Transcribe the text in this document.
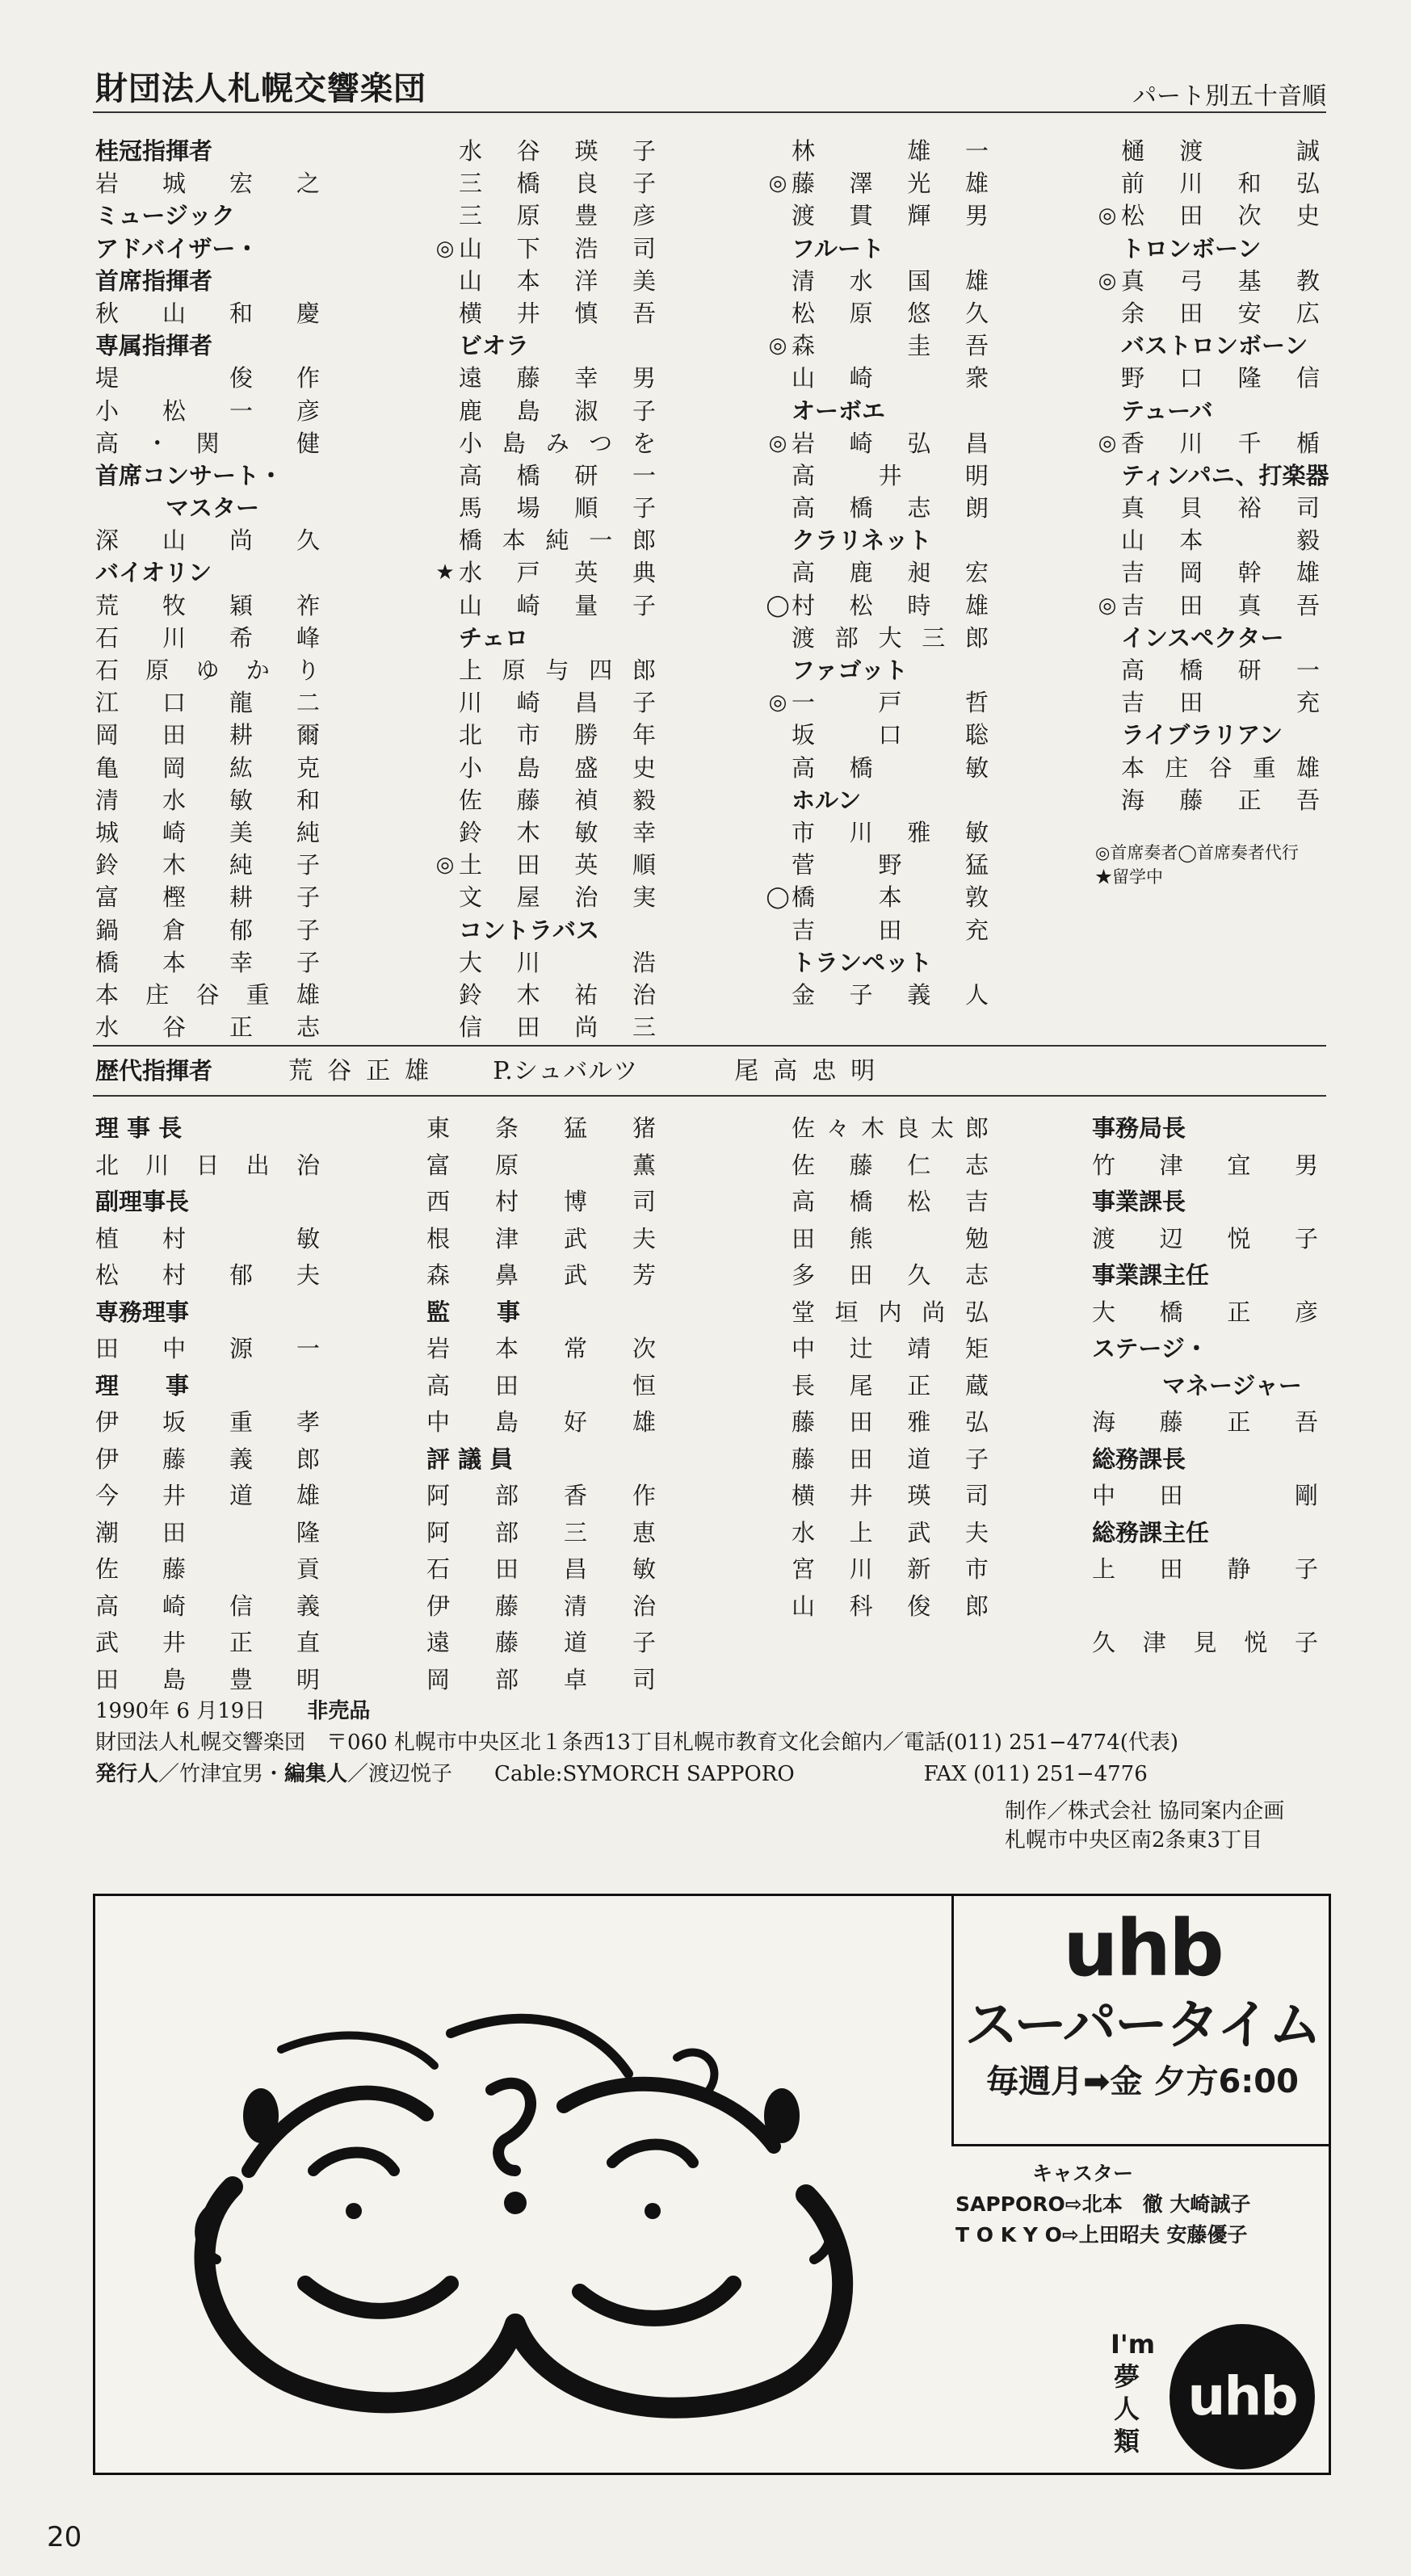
財団法人札幌交響楽団	パート別五十音順
桂冠指揮者
岩城宏之
ミュージック
アドバイザー・
首席指揮者
秋山和慶
専属指揮者
堤　俊作
小松一彦
高・関　健
首席コンサート・
　　　マスター
深山尚久
バイオリン
荒牧穎祚
石川希峰
石原ゆかり
江口龍二
岡田耕爾
亀岡紘克
清水敏和
城崎美純
鈴木純子
富樫耕子
鍋倉郁子
橋本幸子
本庄谷重雄
水谷正志
水谷瑛子
三橋良子
三原豊彦
◎ 山下浩司
山本洋美
横井慎吾
ビオラ
遠藤幸男
鹿島淑子
小島みつを
高橋研一
馬場順子
橋本純一郎
★ 水戸英典
山崎量子
チェロ
上原与四郎
川崎昌子
北市勝年
小島盛史
佐藤禎毅
鈴木敏幸
◎ 土田英順
文屋治実
コントラバス
大川　浩
鈴木祐治
信田尚三
林　雄一
◎ 藤澤光雄
渡貫輝男
フルート
清水国雄
松原悠久
◎ 森　圭吾
山崎　衆
オーボエ
◎ 岩崎弘昌
高井明
高橋志朗
クラリネット
高鹿昶宏
◯ 村松時雄
渡部大三郎
ファゴット
◎ 一戸哲
坂口聡
高橋　敏
ホルン
市川雅敏
菅野猛
◯ 橋本敦
吉田充
トランペット
金子義人
樋渡　誠
前川和弘
◎ 松田次史
トロンボーン
◎ 真弓基教
余田安広
バストロンボーン
野口隆信
テューバ
◎ 香川千楯
ティンパニ、打楽器
真貝裕司
山本　毅
吉岡幹雄
◎ 吉田真吾
インスペクター
高橋研一
吉田　充
ライブラリアン
本庄谷重雄
海藤正吾
◎首席奏者◯首席奏者代行
★留学中
歴代指揮者	荒谷正雄 P.シュバルツ	尾高忠明
理 事 長
北川日出治
副理事長
植村　敏
松村郁夫
専務理事
田中源一
理　　事
伊坂重孝
伊藤義郎
今井道雄
潮田　隆
佐藤　貢
高崎信義
武井正直
田島豊明
東条猛猪
富原　薫
西村博司
根津武夫
森鼻武芳
監　　事
岩本常次
高田　恒
中島好雄
評 議 員
阿部香作
阿部三恵
石田昌敏
伊藤清治
遠藤道子
岡部卓司
佐々木良太郎
佐藤仁志
高橋松吉
田熊　勉
多田久志
堂垣内尚弘
中辻靖矩
長尾正蔵
藤田雅弘
藤田道子
横井瑛司
水上武夫
宮川新市
山科俊郎
事務局長
竹津宜男
事業課長
渡辺悦子
事業課主任
大橋正彦
ステージ・
　　　マネージャー
海藤正吾
総務課長
中田　剛
総務課主任
上田静子
久津見悦子
1990年 6 月19日　　 非売品
財団法人札幌交響楽団　〒060 札幌市中央区北１条西13丁目札幌市教育文化会館内／電話(011) 251−4774(代表)
発行人／竹津宜男・編集人／渡辺悦子　　Cable:SYMORCH SAPPORO	FAX (011) 251−4776
制作／株式会社 協同案内企画
札幌市中央区南2条東3丁目
uhb
スーパータイム
毎週月➡金 夕方6:00
キャスター
SAPPORO⇨北本　徹 大崎誠子
T O K Y O⇨上田昭夫 安藤優子
I'm夢人類
uhb
20
